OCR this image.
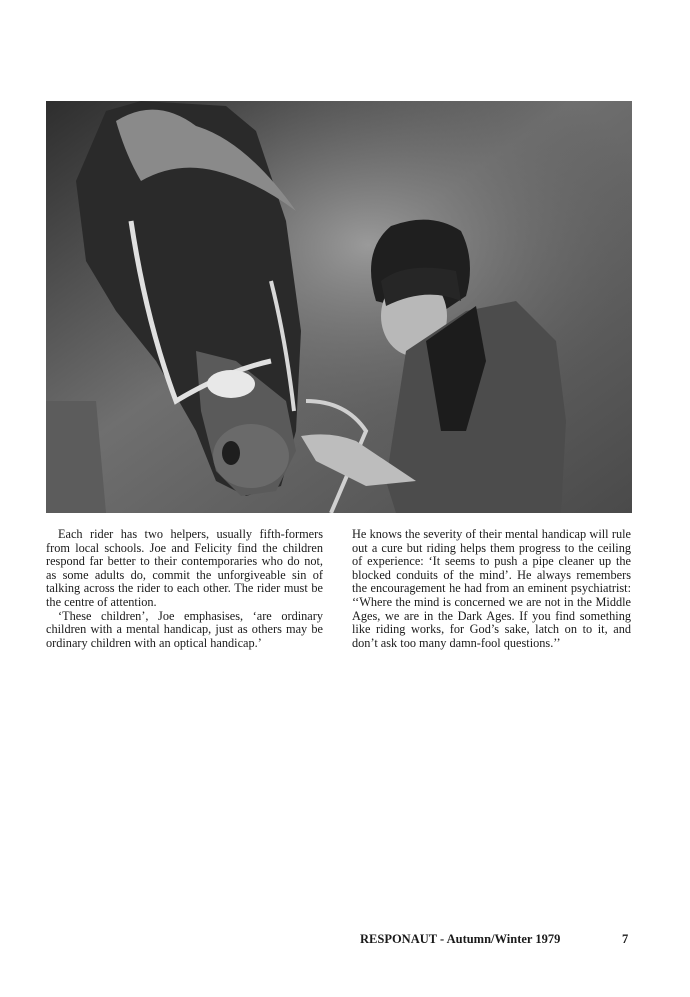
Each rider has two helpers, usually fifth-formers from local schools. Joe and Felicity find the children respond far better to their contemporaries who do not, as some adults do, commit the unforgiveable sin of talking across the rider to each other. The rider must be the centre of attention.

‘These children’, Joe emphasises, ‘are ordinary children with a mental handicap, just as others may be ordinary children with an optical handicap.’

He knows the severity of their mental handicap will rule out a cure but riding helps them progress to the ceiling of experience: ‘It seems to push a pipe cleaner up the blocked conduits of the mind’. He always remembers the encouragement he had from an eminent psychiatrist: ‘‘Where the mind is concerned we are not in the Middle Ages, we are in the Dark Ages. If you find something like riding works, for God’s sake, latch on to it, and don’t ask too many damn-fool questions.’’

RESPONAUT - Autumn/Winter 1979	7
